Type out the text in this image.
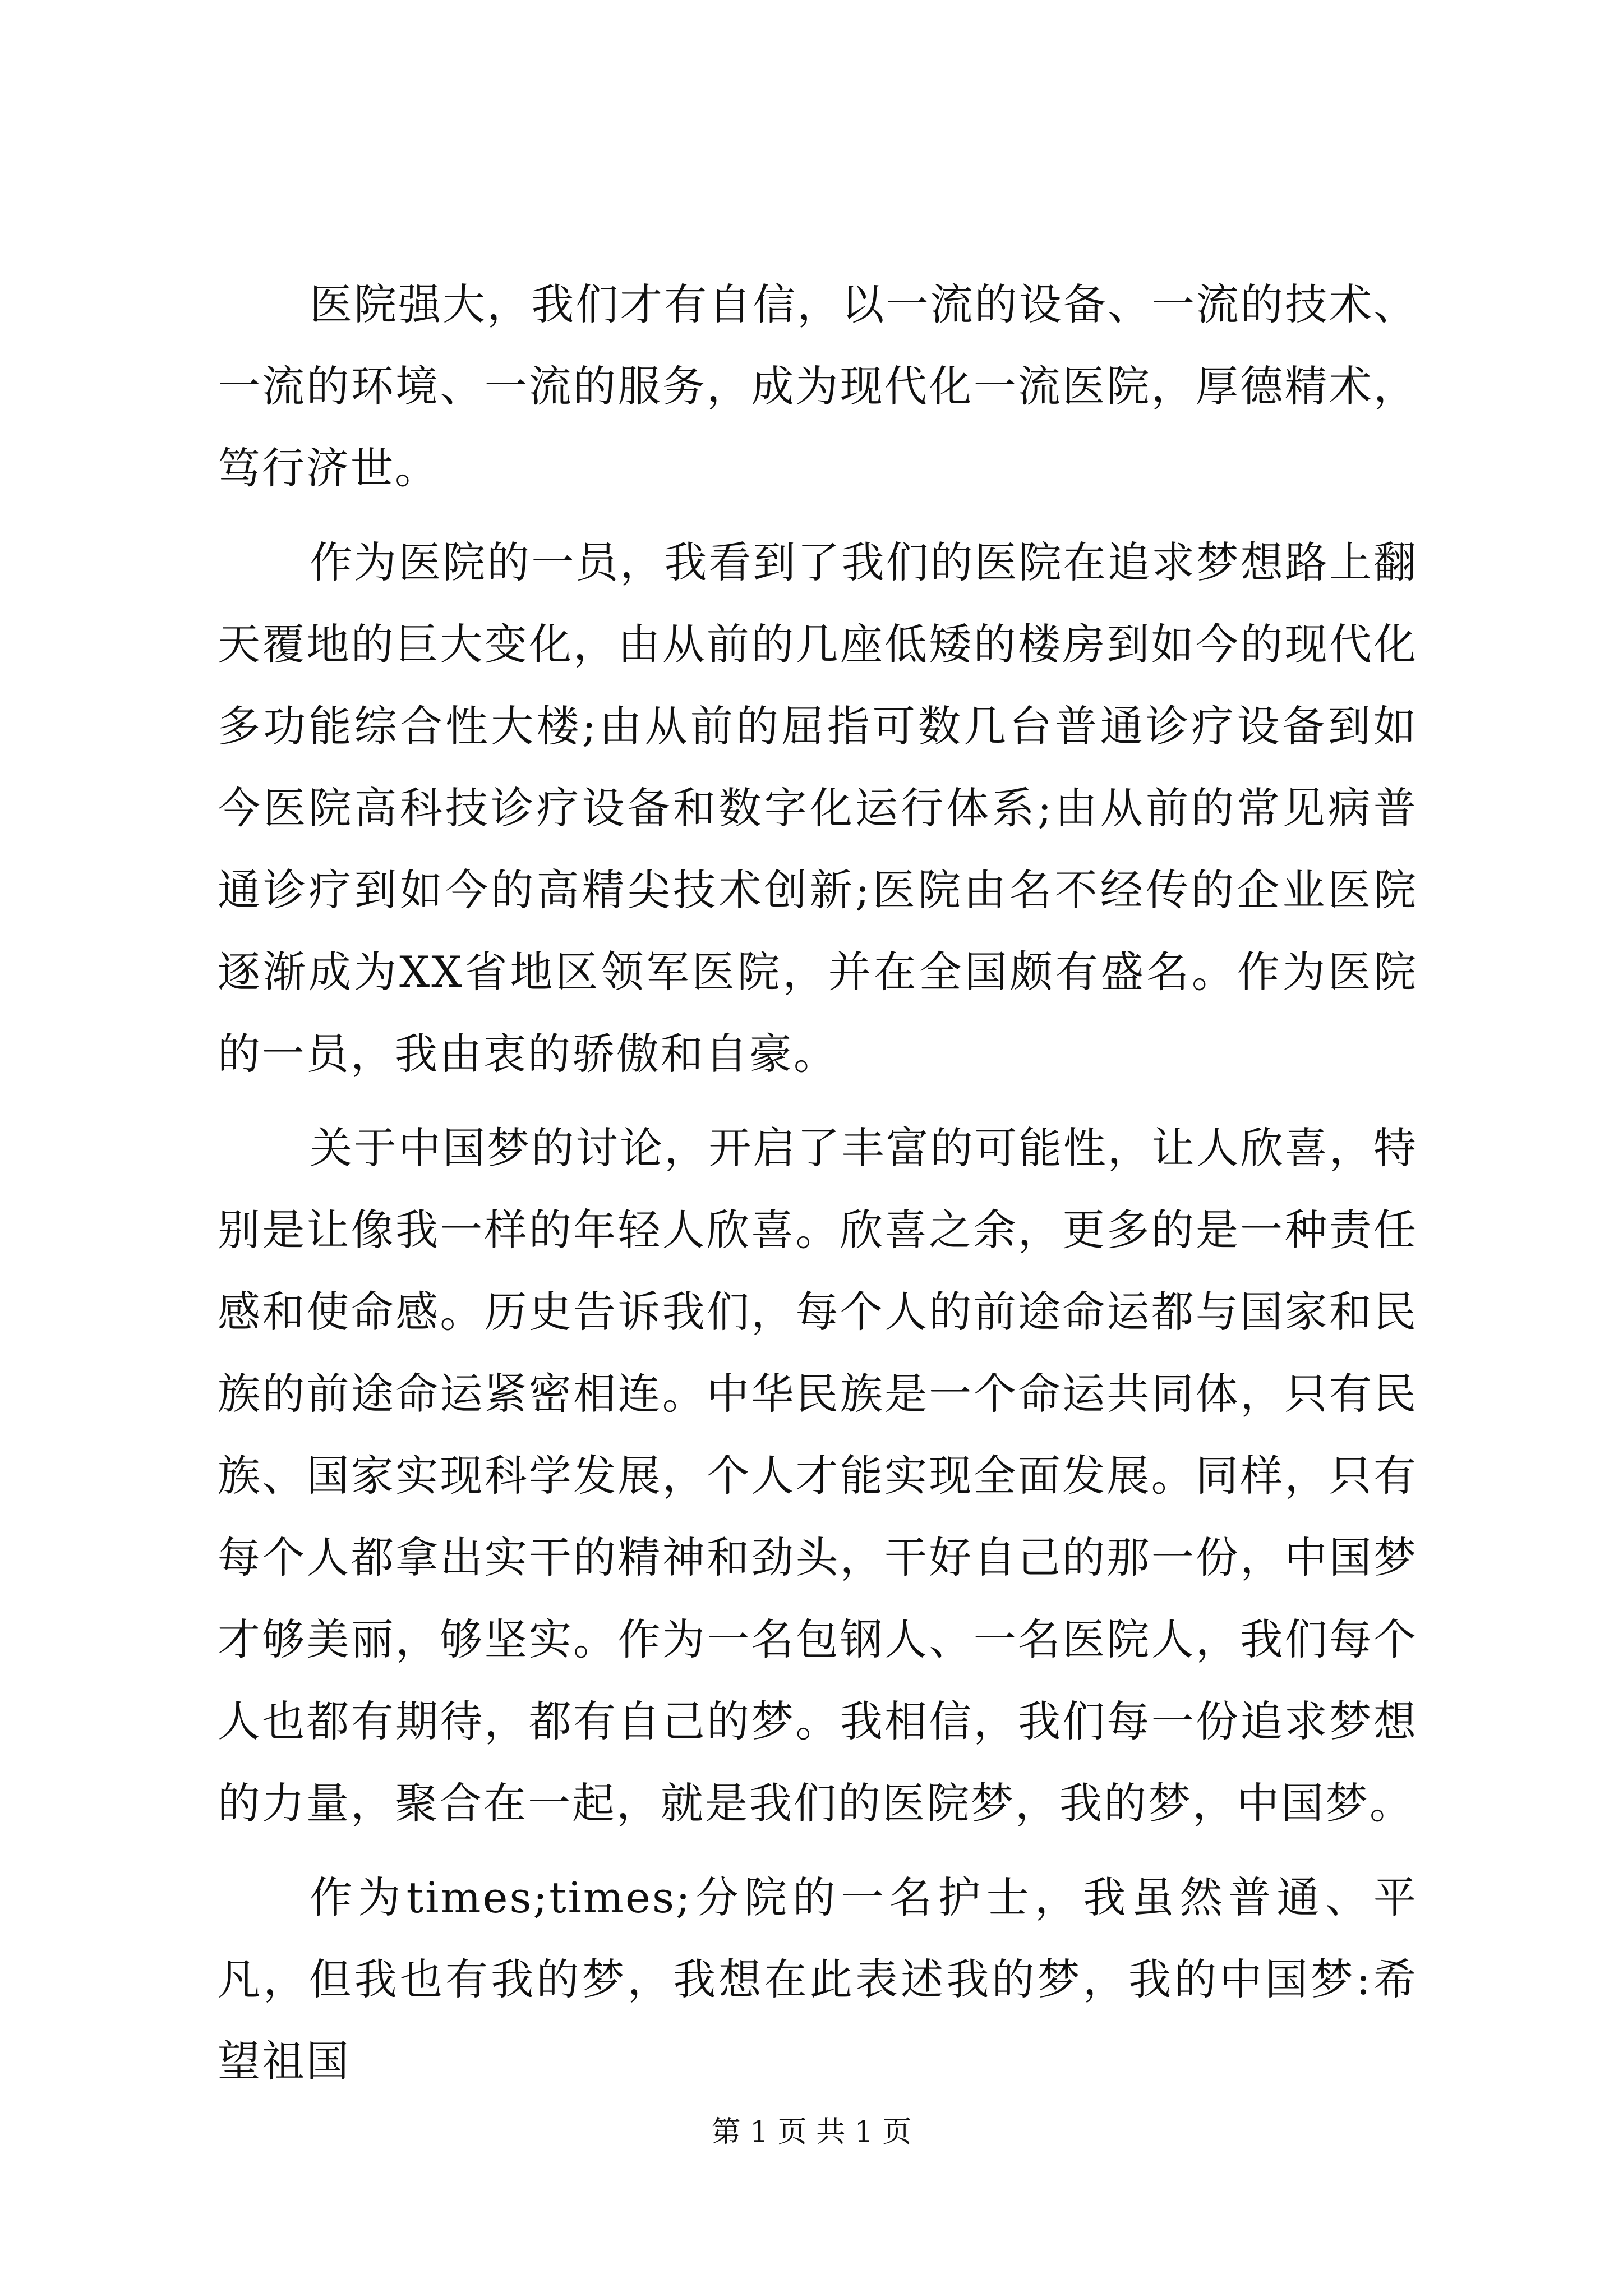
医院强大，我们才有自信，以一流的设备、一流的技术、一流的环境、一流的服务，成为现代化一流医院，厚德精术，笃行济世。

作为医院的一员，我看到了我们的医院在追求梦想路上翻天覆地的巨大变化，由从前的几座低矮的楼房到如今的现代化多功能综合性大楼;由从前的屈指可数几台普通诊疗设备到如今医院高科技诊疗设备和数字化运行体系;由从前的常见病普通诊疗到如今的高精尖技术创新;医院由名不经传的企业医院逐渐成为XX省地区领军医院，并在全国颇有盛名。作为医院的一员，我由衷的骄傲和自豪。

关于中国梦的讨论，开启了丰富的可能性，让人欣喜，特别是让像我一样的年轻人欣喜。欣喜之余，更多的是一种责任感和使命感。历史告诉我们，每个人的前途命运都与国家和民族的前途命运紧密相连。中华民族是一个命运共同体，只有民族、国家实现科学发展，个人才能实现全面发展。同样，只有每个人都拿出实干的精神和劲头，干好自己的那一份，中国梦才够美丽，够坚实。作为一名包钢人、一名医院人，我们每个人也都有期待，都有自己的梦。我相信，我们每一份追求梦想的力量，聚合在一起，就是我们的医院梦，我的梦，中国梦。

作为times;times;分院的一名护士，我虽然普通、平凡，但我也有我的梦，我想在此表述我的梦，我的中国梦:希望祖国

第 1 页 共 1 页
